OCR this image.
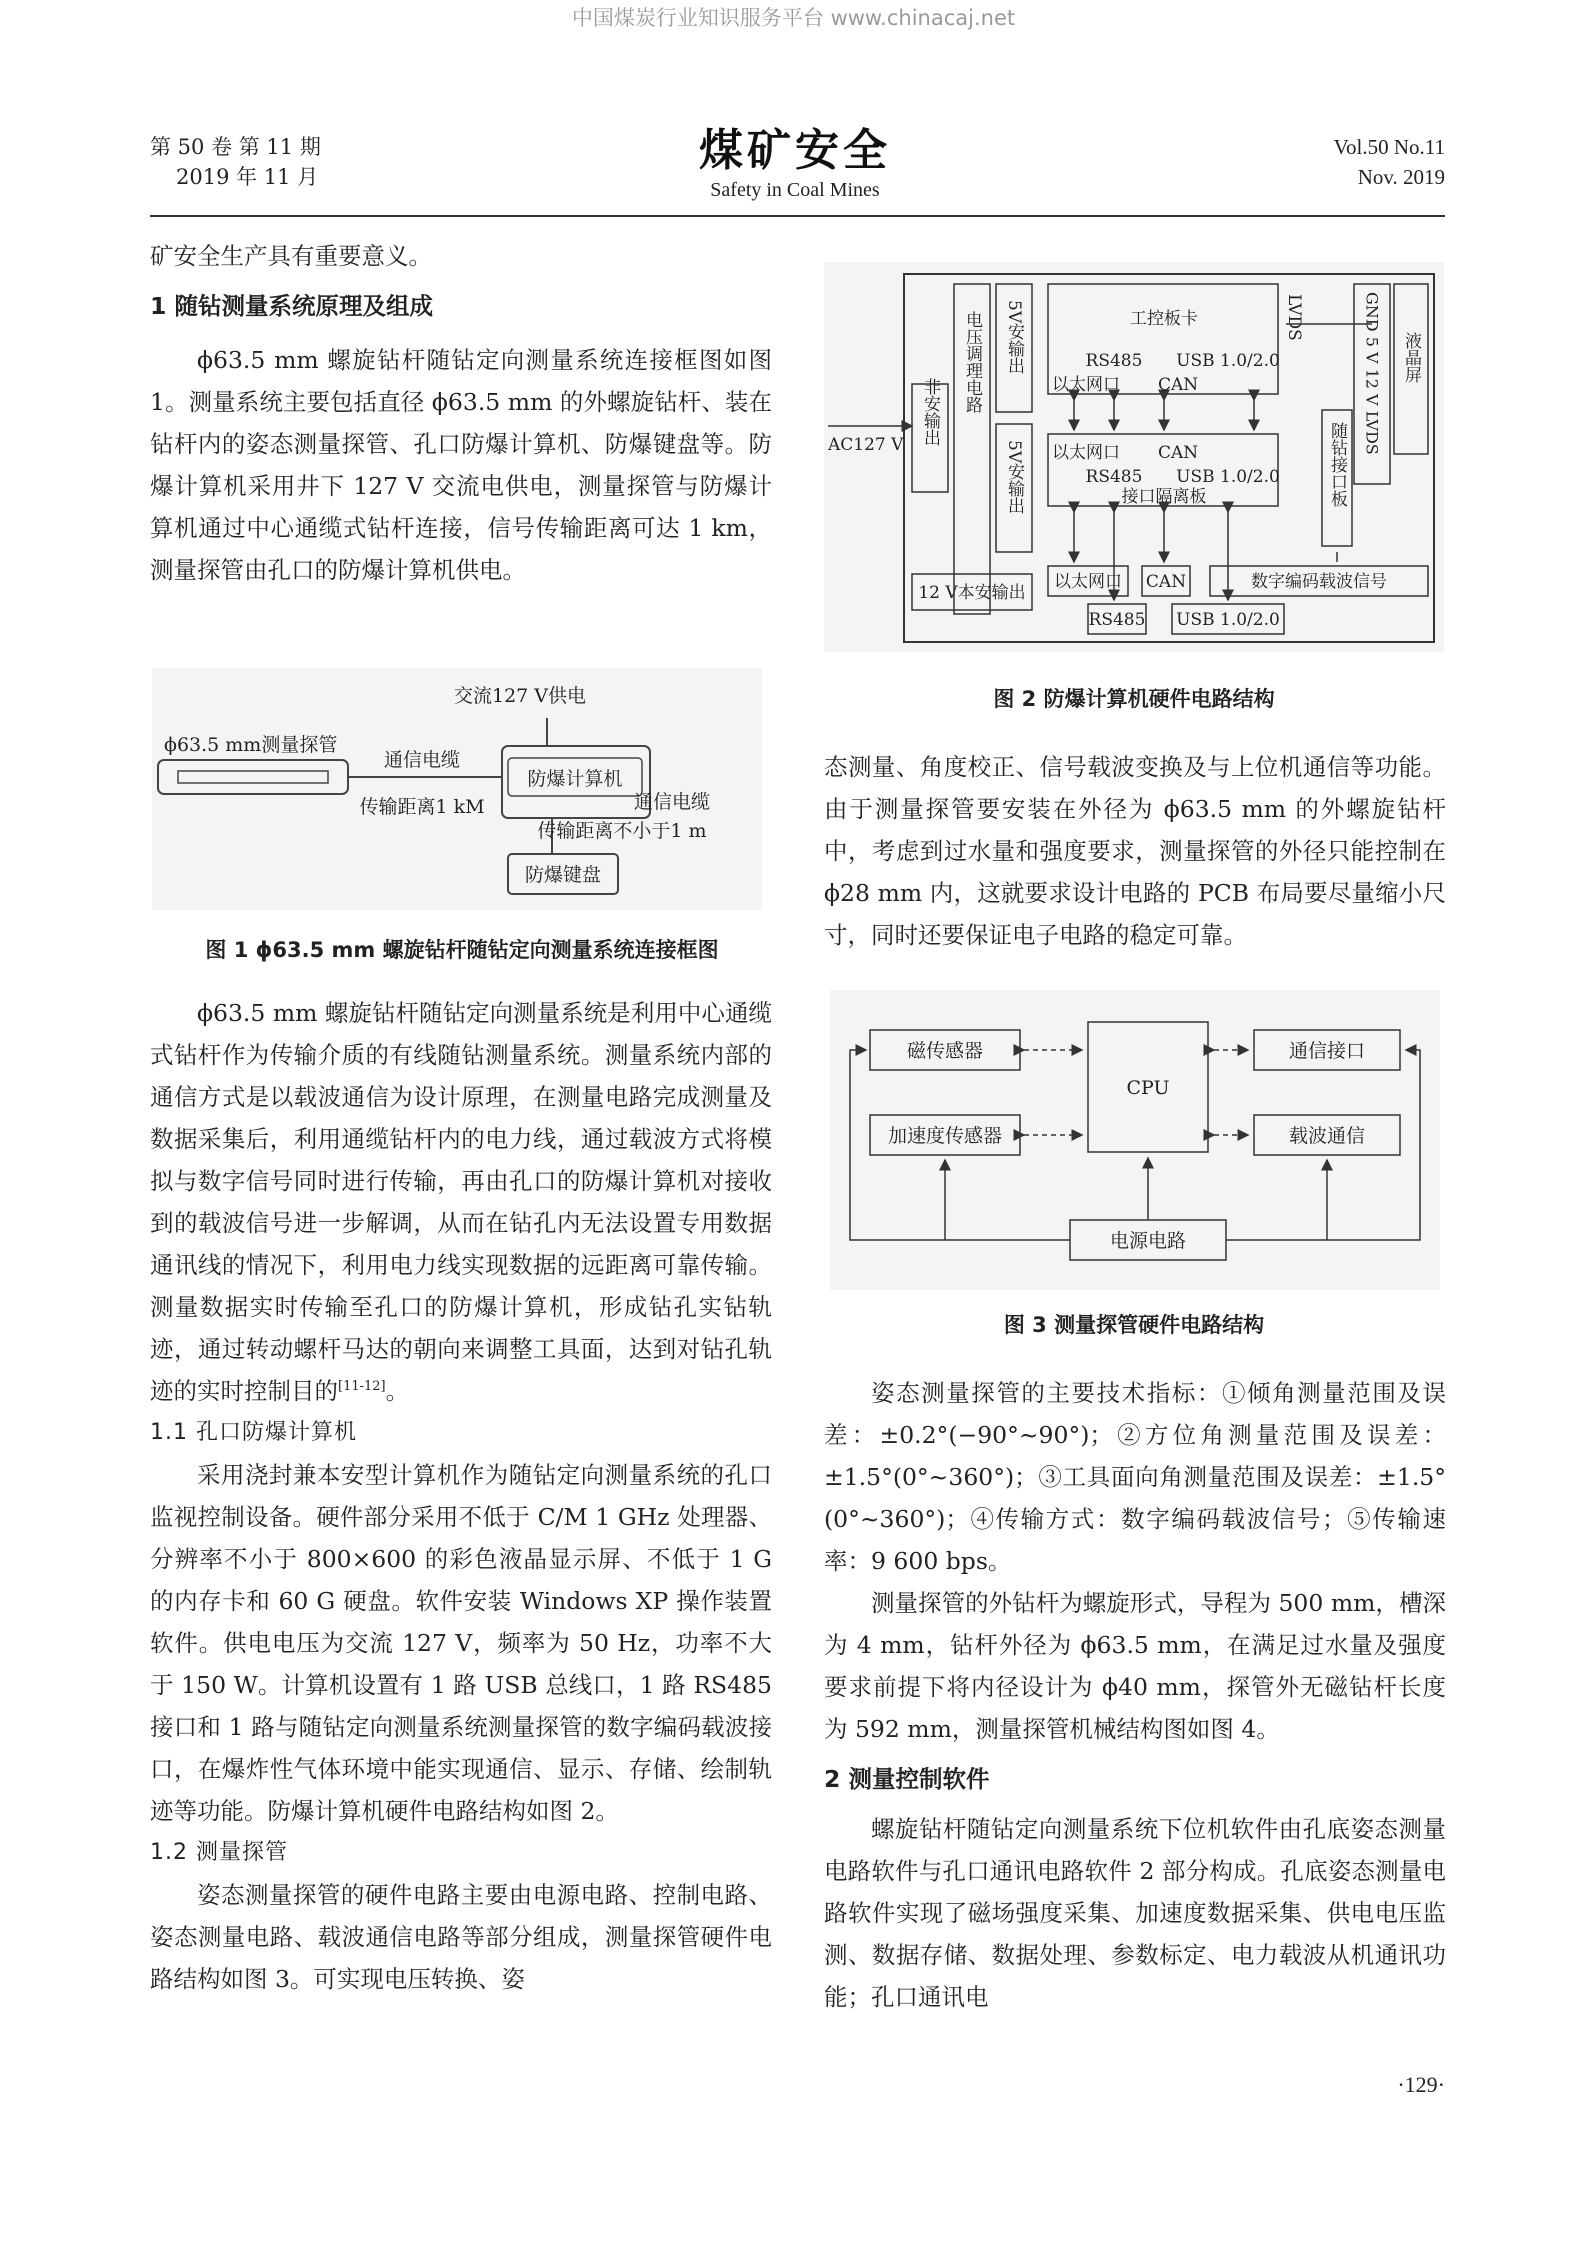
中国煤炭行业知识服务平台 www.chinacaj.net
第 50 卷 第 11 期
2019 年 11 月
煤矿安全
Safety in Coal Mines
Vol.50 No.11
Nov. 2019

矿安全生产具有重要意义。

1 随钻测量系统原理及组成

ϕ63.5 mm 螺旋钻杆随钻定向测量系统连接框图如图 1。测量系统主要包括直径 ϕ63.5 mm 的外螺旋钻杆、装在钻杆内的姿态测量探管、孔口防爆计算机、防爆键盘等。防爆计算机采用井下 127 V 交流电供电，测量探管与防爆计算机通过中心通缆式钻杆连接，信号传输距离可达 1 km，测量探管由孔口的防爆计算机供电。

交流127 V供电
ϕ63.5 mm测量探管
通信电缆
传输距离1 kM
防爆计算机
通信电缆
传输距离不小于1 m
防爆键盘
图 1 ϕ63.5 mm 螺旋钻杆随钻定向测量系统连接框图

ϕ63.5 mm 螺旋钻杆随钻定向测量系统是利用中心通缆式钻杆作为传输介质的有线随钻测量系统。测量系统内部的通信方式是以载波通信为设计原理，在测量电路完成测量及数据采集后，利用通缆钻杆内的电力线，通过载波方式将模拟与数字信号同时进行传输，再由孔口的防爆计算机对接收到的载波信号进一步解调，从而在钻孔内无法设置专用数据通讯线的情况下，利用电力线实现数据的远距离可靠传输。测量数据实时传输至孔口的防爆计算机，形成钻孔实钻轨迹，通过转动螺杆马达的朝向来调整工具面，达到对钻孔轨迹的实时控制目的[11-12]。

1.1 孔口防爆计算机

采用浇封兼本安型计算机作为随钻定向测量系统的孔口监视控制设备。硬件部分采用不低于 C/M 1 GHz 处理器、分辨率不小于 800×600 的彩色液晶显示屏、不低于 1 G 的内存卡和 60 G 硬盘。软件安装 Windows XP 操作装置软件。供电电压为交流 127 V，频率为 50 Hz，功率不大于 150 W。计算机设置有 1 路 USB 总线口，1 路 RS485 接口和 1 路与随钻定向测量系统测量探管的数字编码载波接口，在爆炸性气体环境中能实现通信、显示、存储、绘制轨迹等功能。防爆计算机硬件电路结构如图 2。

1.2 测量探管

姿态测量探管的硬件电路主要由电源电路、控制电路、姿态测量电路、载波通信电路等部分组成，测量探管硬件电路结构如图 3。可实现电压转换、姿

AC127 V 非安输出 电压调理电路 5V安输出
5V安输出
12 V本安输出
工控板卡
RS485 USB 1.0/2.0
以太网口 CAN
LVDS	GND 5 V 12 V LVDS 液晶屏
以太网口 CAN
RS485 USB 1.0/2.0
接口隔离板	随钻接口板
以太网口 CAN	数字编码载波信号
RS485 USB 1.0/2.0
图 2 防爆计算机硬件电路结构

态测量、角度校正、信号载波变换及与上位机通信等功能。由于测量探管要安装在外径为 ϕ63.5 mm 的外螺旋钻杆中，考虑到过水量和强度要求，测量探管的外径只能控制在 ϕ28 mm 内，这就要求设计电路的 PCB 布局要尽量缩小尺寸，同时还要保证电子电路的稳定可靠。

磁传感器
加速度传感器
CPU
通信接口
载波通信
电源电路
图 3 测量探管硬件电路结构

姿态测量探管的主要技术指标：①倾角测量范围及误差：±0.2°(−90°~90°)；②方位角测量范围及误差：±1.5°(0°~360°)；③工具面向角测量范围及误差：±1.5°(0°~360°)；④传输方式：数字编码载波信号；⑤传输速率：9 600 bps。

测量探管的外钻杆为螺旋形式，导程为 500 mm，槽深为 4 mm，钻杆外径为 ϕ63.5 mm，在满足过水量及强度要求前提下将内径设计为 ϕ40 mm，探管外无磁钻杆长度为 592 mm，测量探管机械结构图如图 4。

2 测量控制软件

螺旋钻杆随钻定向测量系统下位机软件由孔底姿态测量电路软件与孔口通讯电路软件 2 部分构成。孔底姿态测量电路软件实现了磁场强度采集、加速度数据采集、供电电压监测、数据存储、数据处理、参数标定、电力载波从机通讯功能；孔口通讯电

·129·
